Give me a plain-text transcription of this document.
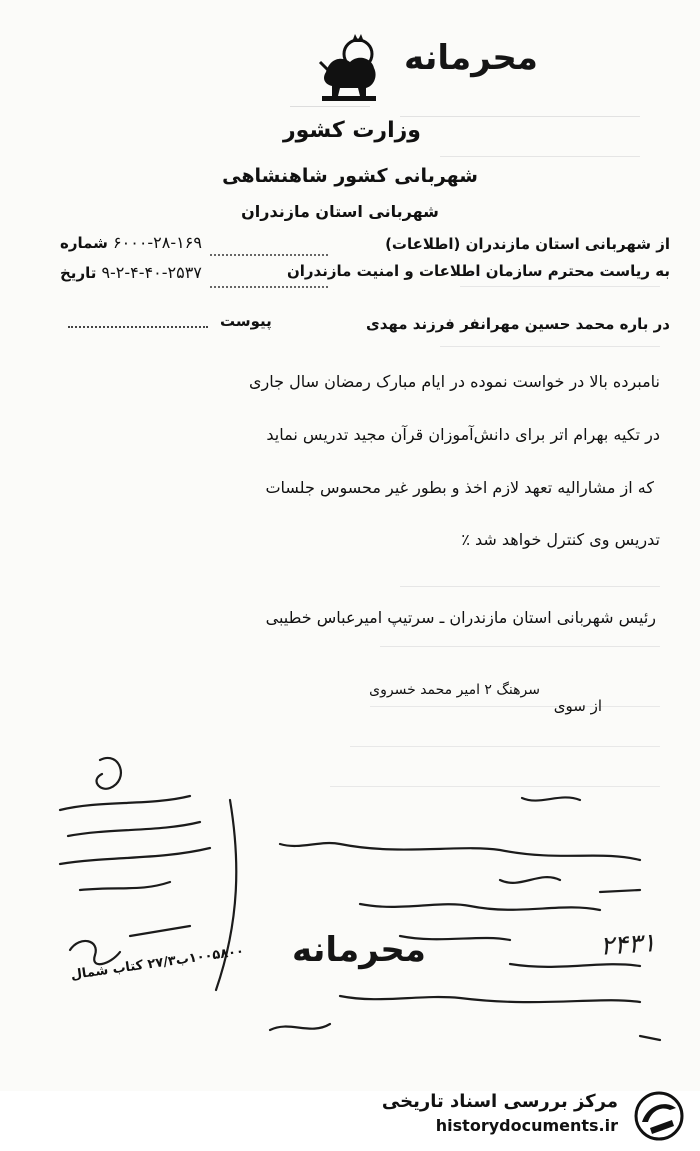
محرمانه
وزارت کشور
شهربانی کشور شاهنشاهی
شهربانی استان مازندران
از شهربانی استان مازندران (اطلاعات)
۶۰۰۰-۲۸-۱۶۹ شماره
به ریاست محترم سازمان اطلاعات و امنیت مازندران
۹-۲-۴-۴۰-۲۵۳۷ تاریخ
در باره محمد حسین مهرانفر فرزند مهدی
پیوست
نامبرده بالا در خواست نموده در ایام مبارک رمضان سال جاری
در تکیه بهرام اتر برای دانش‌آموزان قرآن مجید تدریس نماید
که از مشارالیه تعهد لازم اخذ و بطور غیر محسوس جلسات
تدریس وی کنترل خواهد شد ٪
رئیس شهربانی استان مازندران ـ سرتیپ امیرعباس خطیبی
سرهنگ ۲ امیر محمد خسروی
از سوی
محرمانه	۲۴۳۱
۱۰۰۵۸۰۰ب۲۷/۳ کتاب شمال
مرکز بررسی اسناد تاریخی
historydocuments.ir
